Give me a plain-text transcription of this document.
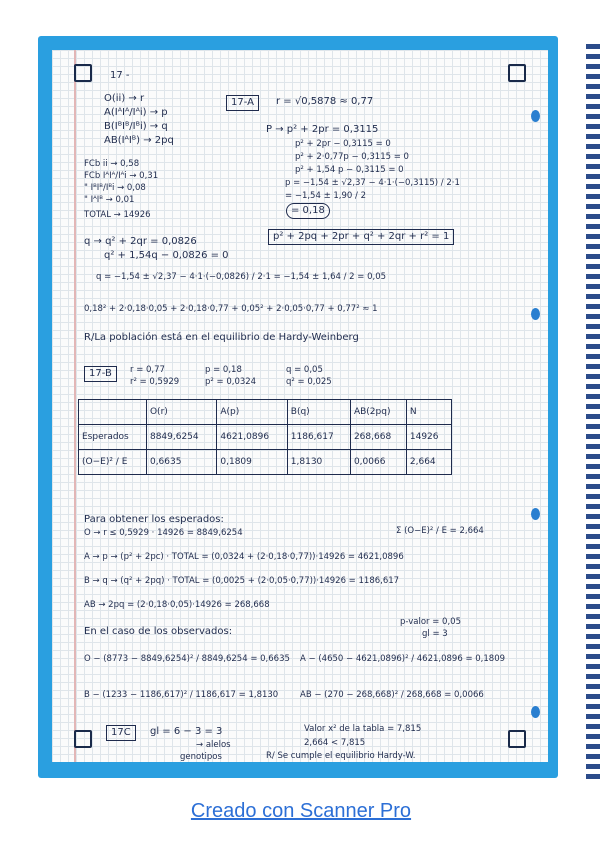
17 -
O(ii) → r
A(IᴬIᴬ/Iᴬi) → p
B(IᴮIᴮ/Iᴮi) → q
AB(IᴬIᴮ) → 2pq
17-A	r = √0,5878 ≈ 0,77
P → p² + 2pr = 0,3115
p² + 2pr − 0,3115 = 0
p² + 2·0,77p − 0,3115 = 0
p² + 1,54 p − 0,3115 = 0
p = −1,54 ± √2,37 − 4·1·(−0,3115) / 2·1
= −1,54 ± 1,90 / 2
= 0,18
FCb ii → 0,58
FCb IᴬIᴬ/Iᴬi → 0,31
" IᴮIᴮ/Iᴮi → 0,08
" IᴬIᴮ → 0,01
TOTAL → 14926
q → q² + 2qr = 0,0826
q² + 1,54q − 0,0826 = 0
p² + 2pq + 2pr + q² + 2qr + r² = 1
q = −1,54 ± √2,37 − 4·1·(−0,0826) / 2·1 = −1,54 ± 1,64 / 2 = 0,05
0,18² + 2·0,18·0,05 + 2·0,18·0,77 + 0,05² + 2·0,05·0,77 + 0,77² ≈ 1
R/La población está en el equilibrio de Hardy-Weinberg
17-B	r = 0,77
r² = 0,5929
p = 0,18
p² = 0,0324
q = 0,05
q² = 0,025
	O(r)	A(p)	B(q)	AB(2pq)	N
Esperados	8849,6254	4621,0896	1186,617	268,668	14926
(O−E)² / E	0,6635	0,1809	1,8130	0,0066	2,664
Para obtener los esperados:
O → r ≤ 0,5929 · 14926 = 8849,6254	Σ (O−E)² / E = 2,664
A → p → (p² + 2pc) · TOTAL = (0,0324 + (2·0,18·0,77))·14926 = 4621,0896
B → q → (q² + 2pq) · TOTAL = (0,0025 + (2·0,05·0,77))·14926 = 1186,617
AB → 2pq = (2·0,18·0,05)·14926 = 268,668
p-valor = 0,05
gl = 3
En el caso de los observados:
O − (8773 − 8849,6254)² / 8849,6254 = 0,6635 A − (4650 − 4621,0896)² / 4621,0896 = 0,1809
B − (1233 − 1186,617)² / 1186,617 = 1,8130	AB − (270 − 268,668)² / 268,668 = 0,0066
17C	gl = 6 − 3 = 3
→ alelos
genotipos
Valor x² de la tabla = 7,815
2,664 < 7,815
R/ Se cumple el equilibrio Hardy-W.
Creado con Scanner Pro
